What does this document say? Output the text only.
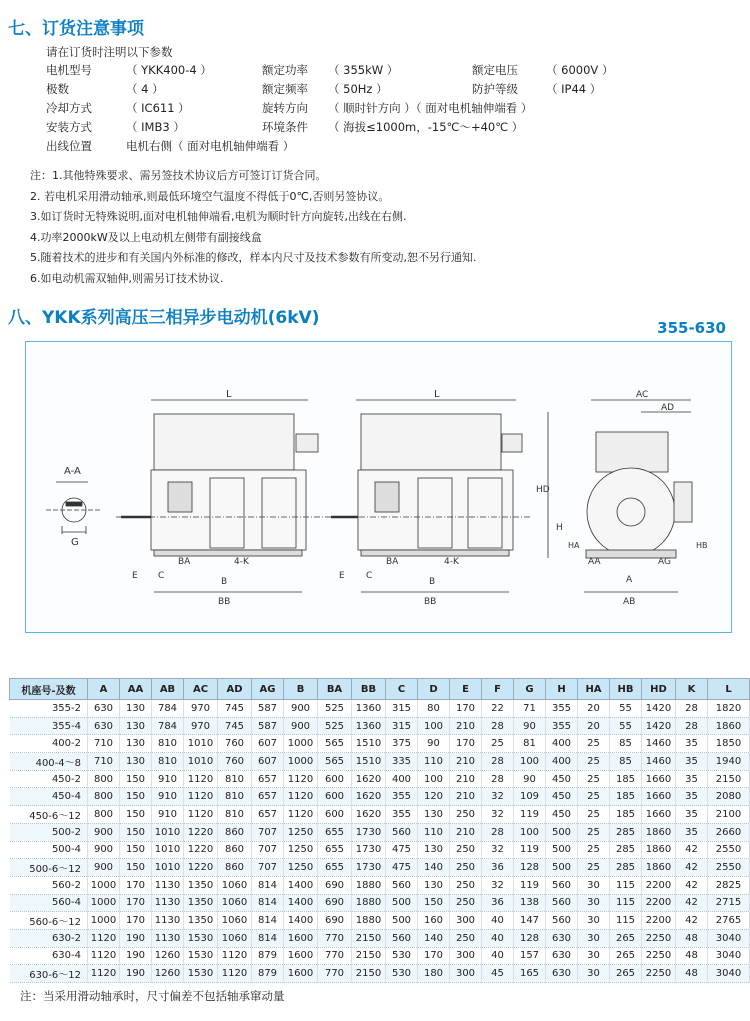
七、订货注意事项
请在订货时注明以下参数
电机型号	（ YKK400-4 ）	额定功率 （ 355kW ）	额定电压 （ 6000V ）
极数	（ 4 ）	额定频率 （ 50Hz ）	防护等级 （ IP44 ）
冷却方式	（ IC611 ）	旋转方向 （ 顺时针方向 ）（ 面对电机轴伸端看 ）
安装方式	（ IMB3 ）	环境条件 （ 海拔≤1000m，-15℃～+40℃ ）
出线位置	电机右侧（ 面对电机轴伸端看 ）
注：1.其他特殊要求、需另签技术协议后方可签订订货合同。
2. 若电机采用滑动轴承,则最低环境空气温度不得低于0℃,否则另签协议。
3.如订货时无特殊说明,面对电机轴伸端看,电机为顺时针方向旋转,出线在右侧.
4.功率2000kW及以上电动机左侧带有副接线盒
5.随着技术的进步和有关国内外标准的修改，样本内尺寸及技术参数有所变动,恕不另行通知.
6.如电动机需双轴伸,则需另订技术协议.
八、YKK系列高压三相异步电动机(6kV)	355-630
A-A
G
L
E C
BA	4-K
B
BB
L
E C
BA	4-K
B
BB
AC
AD
HD
H
HA	HB
AA	AG
A
AB
机座号-及数	A	AA	AB	AC	AD	AG	B	BA	BB	C	D	E	F	G	H	HA	HB	HD	K	L
355-2	630	130	784	970	745	587	900	525	1360	315	80	170	22	71	355	20	55	1420	28	1820
355-4	630	130	784	970	745	587	900	525	1360	315	100	210	28	90	355	20	55	1420	28	1860
400-2	710	130	810	1010	760	607	1000	565	1510	375	90	170	25	81	400	25	85	1460	35	1850
400-4～8	710	130	810	1010	760	607	1000	565	1510	335	110	210	28	100	400	25	85	1460	35	1940
450-2	800	150	910	1120	810	657	1120	600	1620	400	100	210	28	90	450	25	185	1660	35	2150
450-4	800	150	910	1120	810	657	1120	600	1620	355	120	210	32	109	450	25	185	1660	35	2080
450-6～12	800	150	910	1120	810	657	1120	600	1620	355	130	250	32	119	450	25	185	1660	35	2100
500-2	900	150	1010	1220	860	707	1250	655	1730	560	110	210	28	100	500	25	285	1860	35	2660
500-4	900	150	1010	1220	860	707	1250	655	1730	475	130	250	32	119	500	25	285	1860	42	2550
500-6～12	900	150	1010	1220	860	707	1250	655	1730	475	140	250	36	128	500	25	285	1860	42	2550
560-2	1000	170	1130	1350	1060	814	1400	690	1880	560	130	250	32	119	560	30	115	2200	42	2825
560-4	1000	170	1130	1350	1060	814	1400	690	1880	500	150	250	36	138	560	30	115	2200	42	2715
560-6～12	1000	170	1130	1350	1060	814	1400	690	1880	500	160	300	40	147	560	30	115	2200	42	2765
630-2	1120	190	1130	1530	1060	814	1600	770	2150	560	140	250	40	128	630	30	265	2250	48	3040
630-4	1120	190	1260	1530	1120	879	1600	770	2150	530	170	300	40	157	630	30	265	2250	48	3040
630-6～12	1120	190	1260	1530	1120	879	1600	770	2150	530	180	300	45	165	630	30	265	2250	48	3040
注：当采用滑动轴承时，尺寸偏差不包括轴承窜动量
